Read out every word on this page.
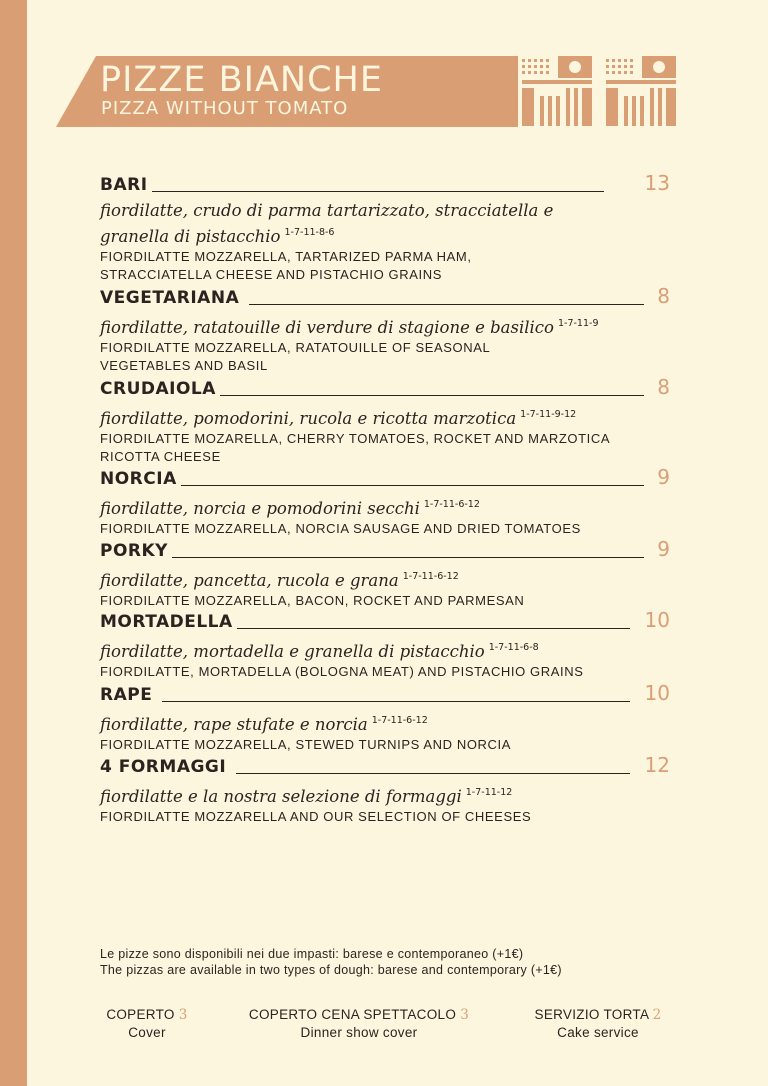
PIZZE BIANCHE
PIZZA WITHOUT TOMATO
BARI	13
fiordilatte, crudo di parma tartarizzato, stracciatella e granella di pistacchio $^{1-7-11-8-6}$
FIORDILATTE MOZZARELLA, TARTARIZED PARMA HAM, STRACCIATELLA CHEESE AND PISTACHIO GRAINS
VEGETARIANA	8
fiordilatte, ratatouille di verdure di stagione e basilico $^{1-7-11-9}$
FIORDILATTE MOZZARELLA, RATATOUILLE OF SEASONAL VEGETABLES AND BASIL
CRUDAIOLA	8
fiordilatte, pomodorini, rucola e ricotta marzotica $^{1-7-11-9-12}$
FIORDILATTE MOZARELLA, CHERRY TOMATOES, ROCKET AND MARZOTICA RICOTTA CHEESE
NORCIA	9
fiordilatte, norcia e pomodorini secchi $^{1-7-11-6-12}$
FIORDILATTE MOZZARELLA, NORCIA SAUSAGE AND DRIED TOMATOES
PORKY	9
fiordilatte, pancetta, rucola e grana $^{1-7-11-6-12}$
FIORDILATTE MOZZARELLA, BACON, ROCKET AND PARMESAN
MORTADELLA	10
fiordilatte, mortadella e granella di pistacchio $^{1-7-11-6-8}$
FIORDILATTE, MORTADELLA (BOLOGNA MEAT) AND PISTACHIO GRAINS
RAPE	10
fiordilatte, rape stufate e norcia $^{1-7-11-6-12}$
FIORDILATTE MOZZARELLA, STEWED TURNIPS AND NORCIA
4 FORMAGGI	12
fiordilatte e la nostra selezione di formaggi $^{1-7-11-12}$
FIORDILATTE MOZZARELLA AND OUR SELECTION OF CHEESES
Le pizze sono disponibili nei due impasti: barese e contemporaneo (+1€)
The pizzas are available in two types of dough: barese and contemporary (+1€)
COPERTO 3
Cover
COPERTO CENA SPETTACOLO 3
Dinner show cover
SERVIZIO TORTA 2
Cake service
